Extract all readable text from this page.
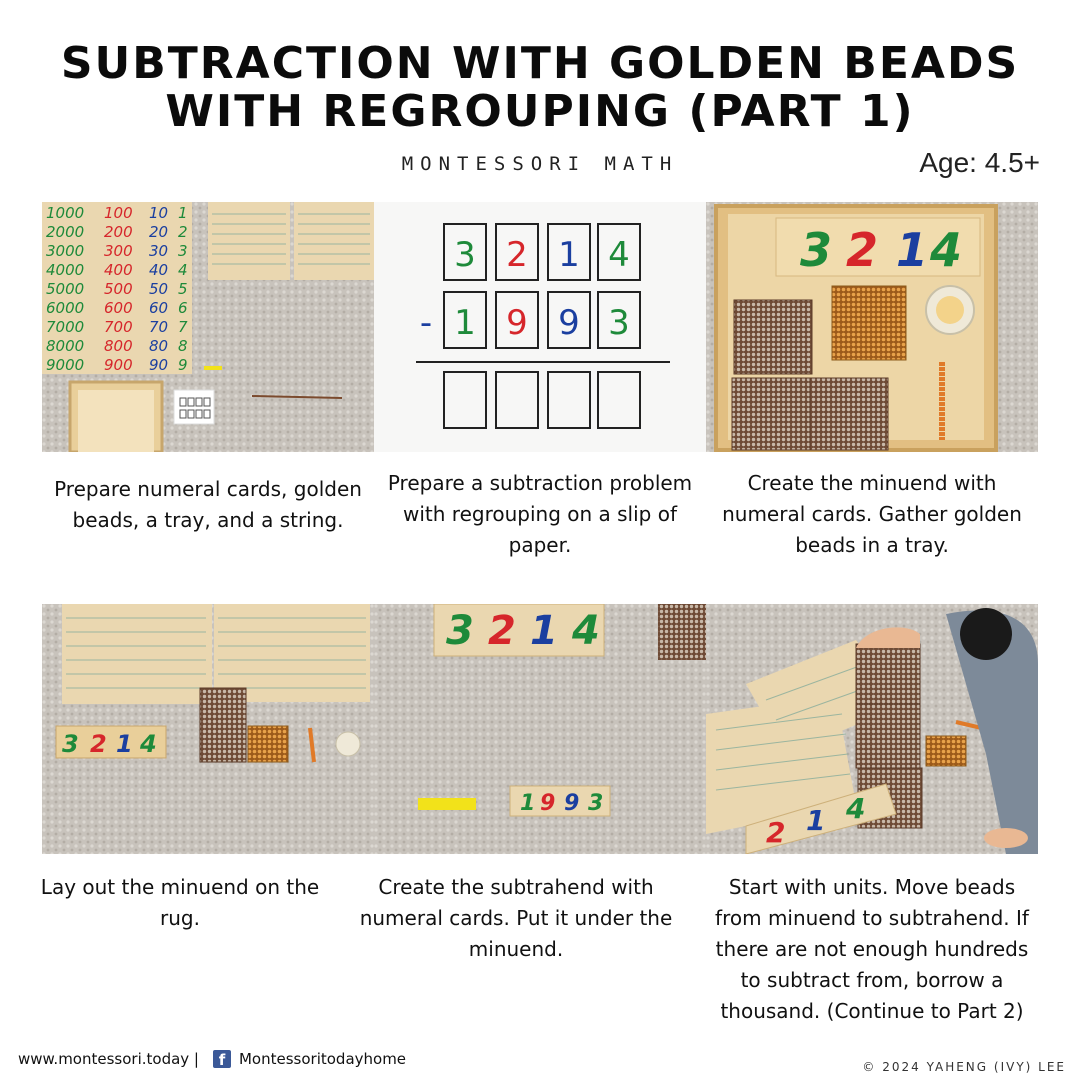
SUBTRACTION WITH GOLDEN BEADS
WITH REGROUPING (PART 1)
MONTESSORI MATH	Age: 4.5+
1000 100 10 1
2000 200 20 2
3000 300 30 3
4000 400 40 4
5000 500 50 5
6000 600 60 6
7000 700 70 7
8000 800 80 8
9000 900 90 9
3 2 1 4
1 9 9 3
-
3 2 1 4
3 2 1 4
3 2 1 4
1 9 9 3
2 1 4
Prepare numeral cards, golden beads, a tray, and a string.
Prepare a subtraction problem with regrouping on a slip of paper.
Create the minuend with numeral cards. Gather golden beads in a tray.
Lay out the minuend on the rug.
Create the subtrahend with numeral cards. Put it under the minuend.
Start with units. Move beads from minuend to subtrahend. If there are not enough hundreds to subtract from, borrow a thousand. (Continue to Part 2)
www.montessori.today |	f Montessoritodayhome	© 2024 YAHENG (IVY) LEE
